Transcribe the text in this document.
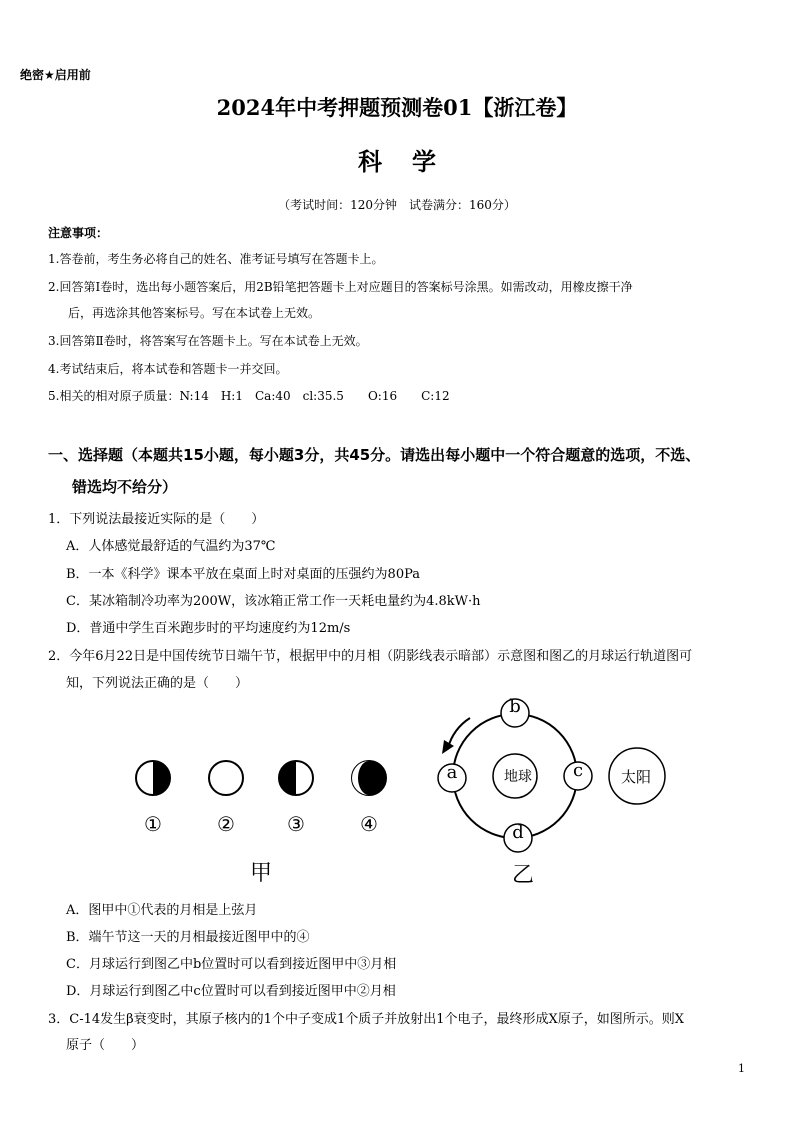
绝密★启用前
2024年中考押题预测卷01【浙江卷】
科学
（考试时间：120分钟　试卷满分：160分）
注意事项：
1.答卷前，考生务必将自己的姓名、准考证号填写在答题卡上。
2.回答第Ⅰ卷时，选出每小题答案后，用2B铅笔把答题卡上对应题目的答案标号涂黑。如需改动，用橡皮擦干净
后，再选涂其他答案标号。写在本试卷上无效。
3.回答第Ⅱ卷时，将答案写在答题卡上。写在本试卷上无效。
4.考试结束后，将本试卷和答题卡一并交回。
5.相关的相对原子质量：N:14　H:1　Ca:40　cl:35.5　　O:16　　C:12
一、选择题（本题共15小题，每小题3分，共45分。请选出每小题中一个符合题意的选项，不选、
错选均不给分）
1．下列说法最接近实际的是（　　）
A．人体感觉最舒适的气温约为37℃
B．一本《科学》课本平放在桌面上时对桌面的压强约为80Pa
C．某冰箱制冷功率为200W，该冰箱正常工作一天耗电量约为4.8kW·h
D．普通中学生百米跑步时的平均速度约为12m/s
2．今年6月22日是中国传统节日端午节，根据甲中的月相（阴影线表示暗部）示意图和图乙的月球运行轨道图可
知，下列说法正确的是（　　）
①	②	③	④
甲
b
a	c
d
地球	太阳
乙
A．图甲中①代表的月相是上弦月
B．端午节这一天的月相最接近图甲中的④
C．月球运行到图乙中b位置时可以看到接近图甲中③月相
D．月球运行到图乙中c位置时可以看到接近图甲中②月相
3．C-14发生β衰变时，其原子核内的1个中子变成1个质子并放射出1个电子，最终形成X原子，如图所示。则X
原子（　　）
1
